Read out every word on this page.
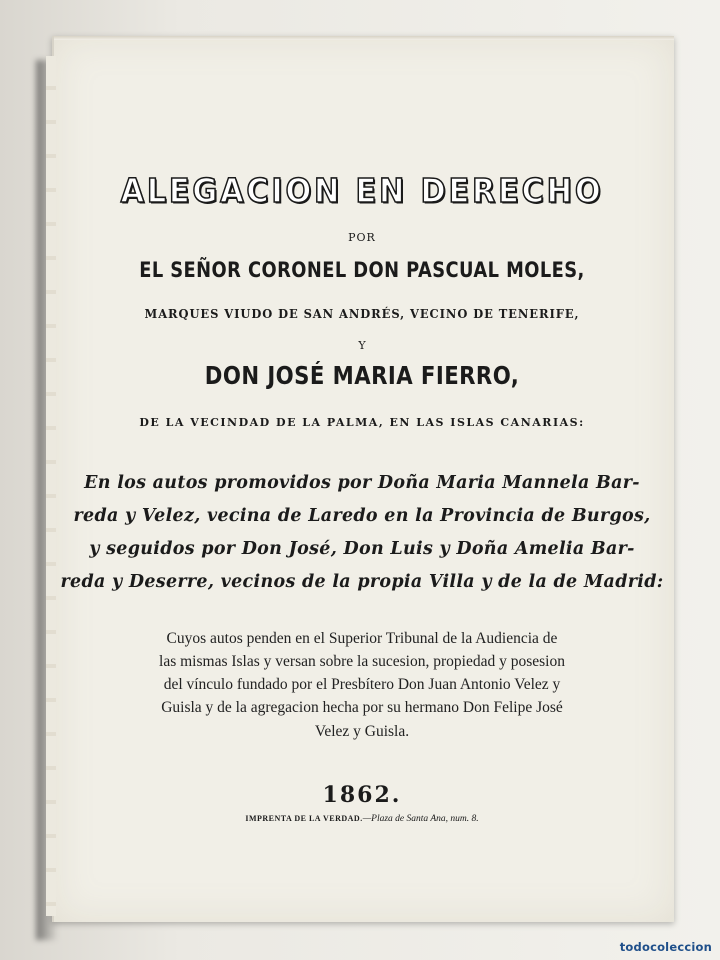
ALEGACION EN DERECHO
POR
EL SEÑOR CORONEL DON PASCUAL MOLES,
MARQUES VIUDO DE SAN ANDRÉS, VECINO DE TENERIFE,
Y
DON JOSÉ MARIA FIERRO,
DE LA VECINDAD DE LA PALMA, EN LAS ISLAS CANARIAS:
En los autos promovidos por Doña Maria Mannela Bar-
reda y Velez, vecina de Laredo en la Provincia de Burgos,
y seguidos por Don José, Don Luis y Doña Amelia Bar-
reda y Deserre, vecinos de la propia Villa y de la de Madrid:
Cuyos autos penden en el Superior Tribunal de la Audiencia de
las mismas Islas y versan sobre la sucesion, propiedad y posesion
del vínculo fundado por el Presbítero Don Juan Antonio Velez y
Guisla y de la agregacion hecha por su hermano Don Felipe José
Velez y Guisla.
1862.
IMPRENTA DE LA VERDAD.—Plaza de Santa Ana, num. 8.
todocoleccion
